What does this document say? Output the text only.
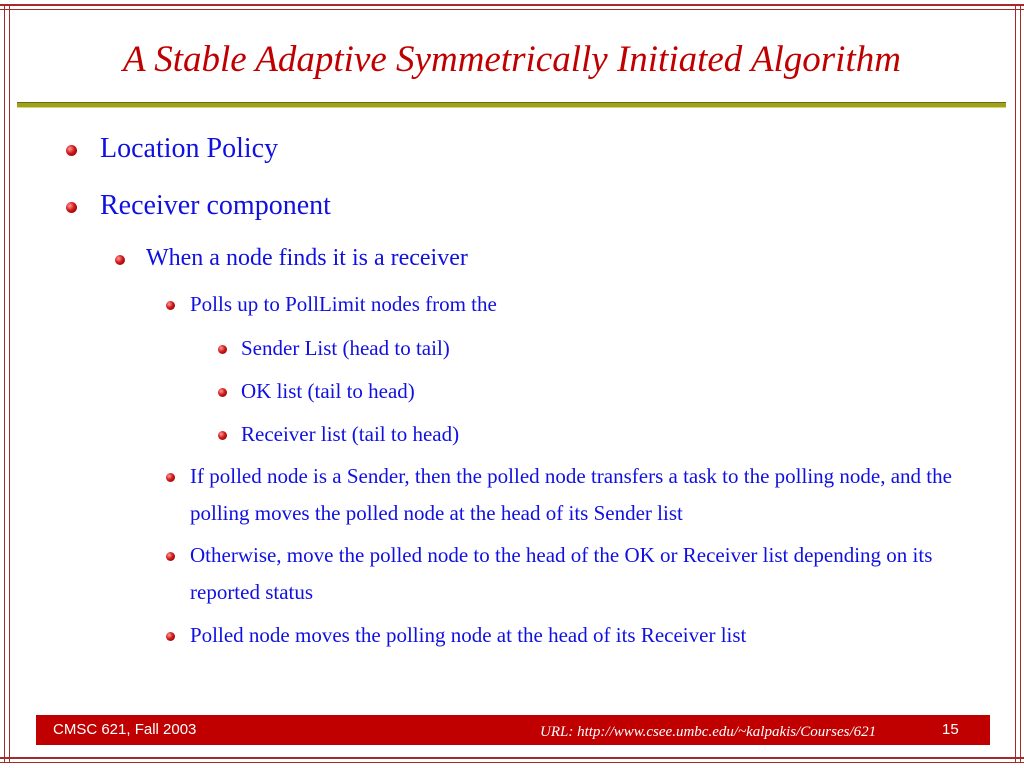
A Stable Adaptive Symmetrically Initiated Algorithm
Location Policy
Receiver component
When a node finds it is a receiver
Polls up to PollLimit nodes from the
Sender List (head to tail)
OK list (tail to head)
Receiver list (tail to head)
If polled node is a Sender, then the polled node transfers a task to the polling node, and the polling moves the polled node at the head of its Sender list
Otherwise, move the polled node to the head of the OK or Receiver list depending on its reported status
Polled node moves the polling node at the head of its Receiver list
CMSC 621, Fall 2003	URL: http://www.csee.umbc.edu/~kalpakis/Courses/621	15
